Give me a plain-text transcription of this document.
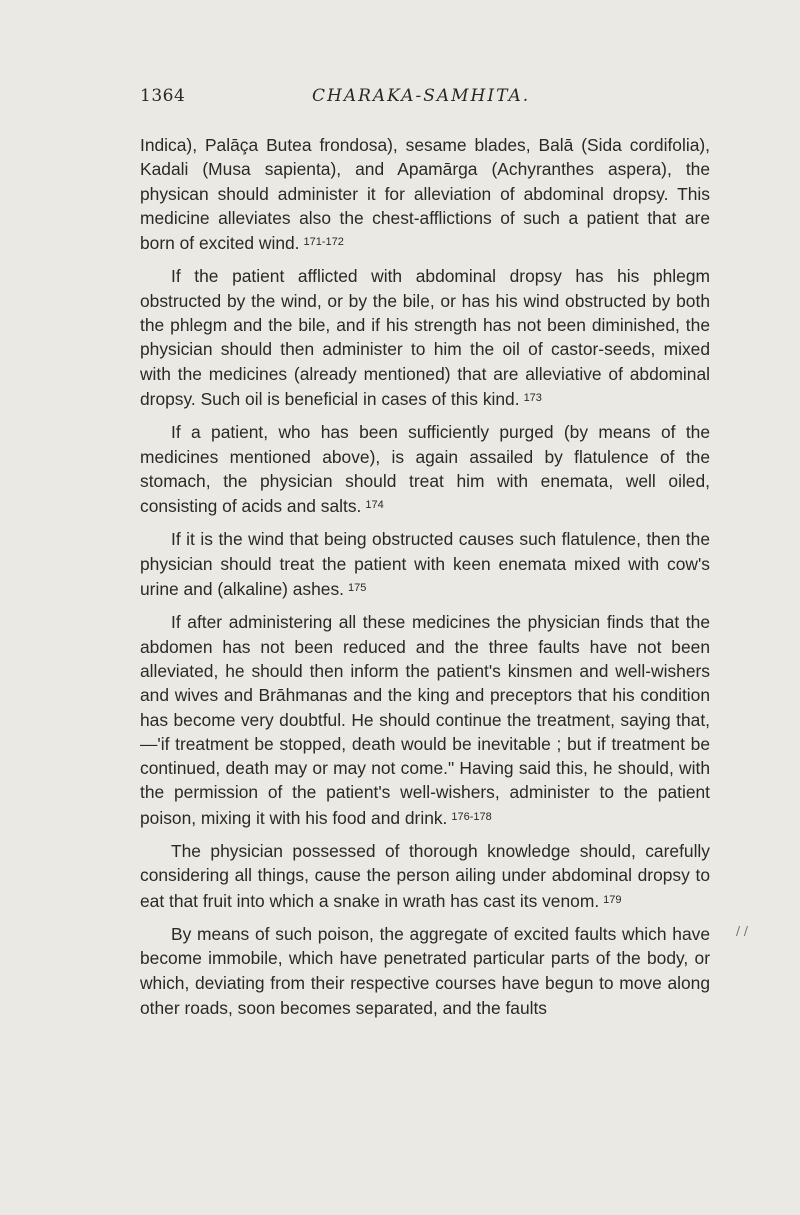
1364	CHARAKA-SAMHITA.

Indica), Palāça Butea frondosa), sesame blades, Balā (Sida cordifolia), Kadali (Musa sapienta), and Apamārga (Achyranthes aspera), the physican should administer it for alleviation of abdominal dropsy. This medicine alleviates also the chest-afflictions of such a patient that are born of excited wind. $^{171-172}$

If the patient afflicted with abdominal dropsy has his phlegm obstructed by the wind, or by the bile, or has his wind obstructed by both the phlegm and the bile, and if his strength has not been diminished, the physician should then administer to him the oil of castor-seeds, mixed with the medicines (already mentioned) that are alleviative of abdominal dropsy. Such oil is beneficial in cases of this kind. $^{173}$

If a patient, who has been sufficiently purged (by means of the medicines mentioned above), is again assailed by flatulence of the stomach, the physician should treat him with enemata, well oiled, consisting of acids and salts. $^{174}$

If it is the wind that being obstructed causes such flatulence, then the physician should treat the patient with keen enemata mixed with cow's urine and (alkaline) ashes. $^{175}$

If after administering all these medicines the physician finds that the abdomen has not been reduced and the three faults have not been alleviated, he should then inform the patient's kinsmen and well-wishers and wives and Brāhmanas and the king and preceptors that his condition has become very doubtful. He should continue the treatment, saying that,—'if treatment be stopped, death would be inevitable ; but if treatment be continued, death may or may not come." Having said this, he should, with the permission of the patient's well-wishers, administer to the patient poison, mixing it with his food and drink. $^{176-178}$

The physician possessed of thorough knowledge should, carefully considering all things, cause the person ailing under abdominal dropsy to eat that fruit into which a snake in wrath has cast its venom. $^{179}$

By means of such poison, the aggregate of excited faults which have become immobile, which have penetrated particular parts of the body, or which, deviating from their respective courses have begun to move along other roads, soon becomes separated, and the faults

/ /
